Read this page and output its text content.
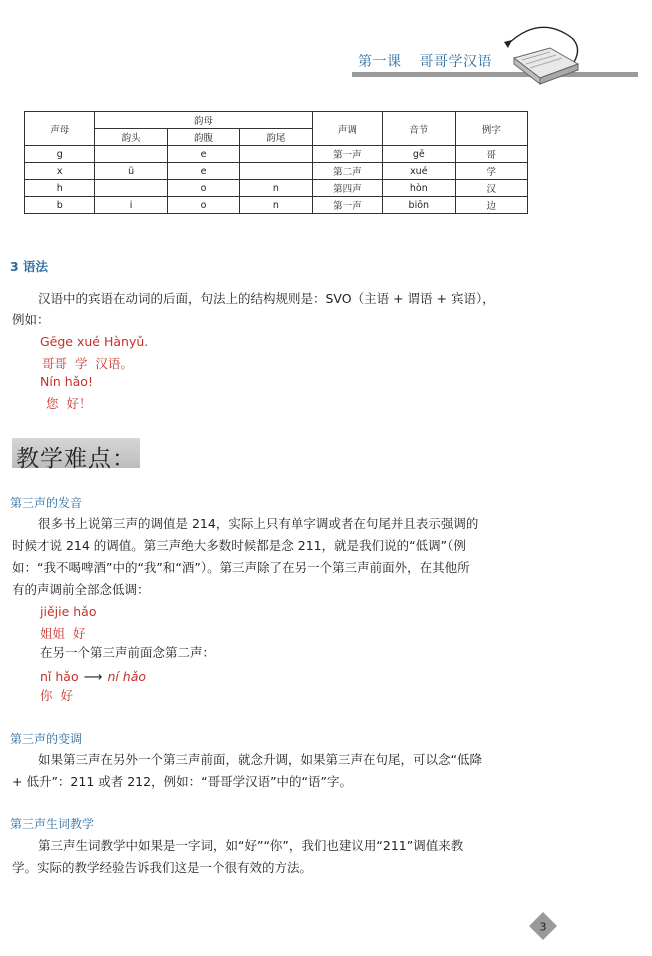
第一课 哥哥学汉语
声母	韵母			声调	音节	例字
	韵头	韵腹	韵尾			
g		e		第一声	gē	哥
x	ü	e		第二声	xué	学
h		o	n	第四声	hòn	汉
b	i	o	n	第一声	biōn	边
3 语法
汉语中的宾语在动词的后面，句法上的结构规则是：SVO（主语 + 谓语 + 宾语），
例如：
Gēge xué Hànyǔ.
哥哥  学  汉语。
Nín hǎo!
您  好！
教学难点：
第三声的发音
很多书上说第三声的调值是 214，实际上只有单字调或者在句尾并且表示强调的
时候才说 214 的调值。第三声绝大多数时候都是念 211，就是我们说的“低调”（例
如：“我不喝啤酒”中的“我”和“酒”）。第三声除了在另一个第三声前面外，在其他所
有的声调前全部念低调：
jiějie hǎo
姐姐  好
在另一个第三声前面念第二声：
nǐ hǎo ⟶ ní hǎo
你  好
第三声的变调
如果第三声在另外一个第三声前面，就念升调，如果第三声在句尾，可以念“低降
+ 低升”：211 或者 212，例如：“哥哥学汉语”中的“语”字。
第三声生词教学
第三声生词教学中如果是一字词，如“好”“你”，我们也建议用“211”调值来教
学。实际的教学经验告诉我们这是一个很有效的方法。
3
